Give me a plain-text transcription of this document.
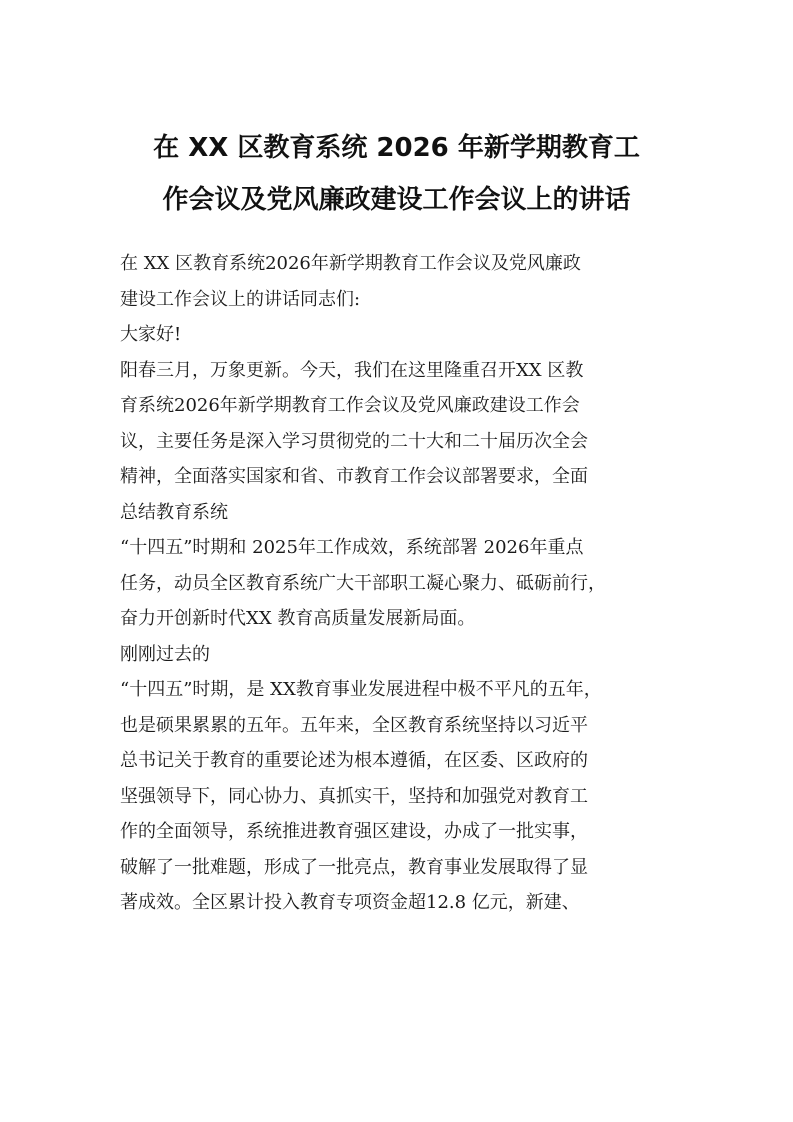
在 XX 区教育系统 2026 年新学期教育工
作会议及党风廉政建设工作会议上的讲话
在 XX 区教育系统2026年新学期教育工作会议及党风廉政
建设工作会议上的讲话同志们:
大家好!
阳春三月，万象更新。今天，我们在这里隆重召开XX 区教
育系统2026年新学期教育工作会议及党风廉政建设工作会
议，主要任务是深入学习贯彻党的二十大和二十届历次全会
精神，全面落实国家和省、市教育工作会议部署要求，全面
总结教育系统
“十四五”时期和 2025年工作成效，系统部署 2026年重点
任务，动员全区教育系统广大干部职工凝心聚力、砥砺前行，
奋力开创新时代XX 教育高质量发展新局面。
刚刚过去的
“十四五”时期，是 XX教育事业发展进程中极不平凡的五年，
也是硕果累累的五年。五年来，全区教育系统坚持以习近平
总书记关于教育的重要论述为根本遵循，在区委、区政府的
坚强领导下，同心协力、真抓实干，坚持和加强党对教育工
作的全面领导，系统推进教育强区建设，办成了一批实事，
破解了一批难题，形成了一批亮点，教育事业发展取得了显
著成效。全区累计投入教育专项资金超12.8 亿元，新建、
